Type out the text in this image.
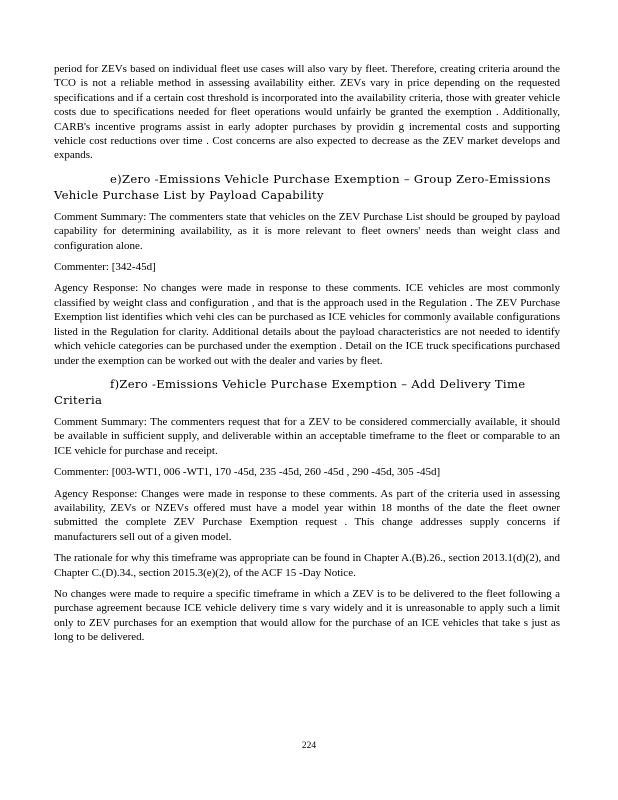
period for ZEVs based on individual fleet use cases will also vary by fleet. Therefore, creating criteria around the TCO is not a reliable method in assessing availability either. ZEVs vary in price depending on the requested specifications and if a certain cost threshold is incorporated into the availability criteria, those with greater vehicle costs due to specifications needed for fleet operations would unfairly be granted the exemption . Additionally, CARB's incentive programs assist in early adopter purchases by providin g incremental costs and supporting vehicle cost reductions over time . Cost concerns are also expected to decrease as the ZEV market develops and expands.

e)Zero -Emissions Vehicle Purchase Exemption – Group Zero-Emissions Vehicle Purchase List by Payload Capability

Comment Summary: The commenters state that vehicles on the ZEV Purchase List should be grouped by payload capability for determining availability, as it is more relevant to fleet owners' needs than weight class and configuration alone.

Commenter: [342-45d]

Agency Response: No changes were made in response to these comments. ICE vehicles are most commonly classified by weight class and configuration , and that is the approach used in the Regulation . The ZEV Purchase Exemption list identifies which vehi cles can be purchased as ICE vehicles for commonly available configurations listed in the Regulation for clarity. Additional details about the payload characteristics are not needed to identify which vehicle categories can be purchased under the exemption . Detail on the ICE truck specifications purchased under the exemption can be worked out with the dealer and varies by fleet.

f)Zero -Emissions Vehicle Purchase Exemption – Add Delivery Time Criteria

Comment Summary: The commenters request that for a ZEV to be considered commercially available, it should be available in sufficient supply, and deliverable within an acceptable timeframe to the fleet or comparable to an ICE vehicle for purchase and receipt.

Commenter: [003-WT1, 006 -WT1, 170 -45d, 235 -45d, 260 -45d , 290 -45d, 305 -45d]

Agency Response: Changes were made in response to these comments. As part of the criteria used in assessing availability, ZEVs or NZEVs offered must have a model year within 18 months of the date the fleet owner submitted the complete ZEV Purchase Exemption request . This change addresses supply concerns if manufacturers sell out of a given model.

The rationale for why this timeframe was appropriate can be found in Chapter A.(B).26., section 2013.1(d)(2), and Chapter C.(D).34., section 2015.3(e)(2), of the ACF 15 -Day Notice.

No changes were made to require a specific timeframe in which a ZEV is to be delivered to the fleet following a purchase agreement because ICE vehicle delivery time s vary widely and it is unreasonable to apply such a limit only to ZEV purchases for an exemption that would allow for the purchase of an ICE vehicles that take s just as long to be delivered.

224
